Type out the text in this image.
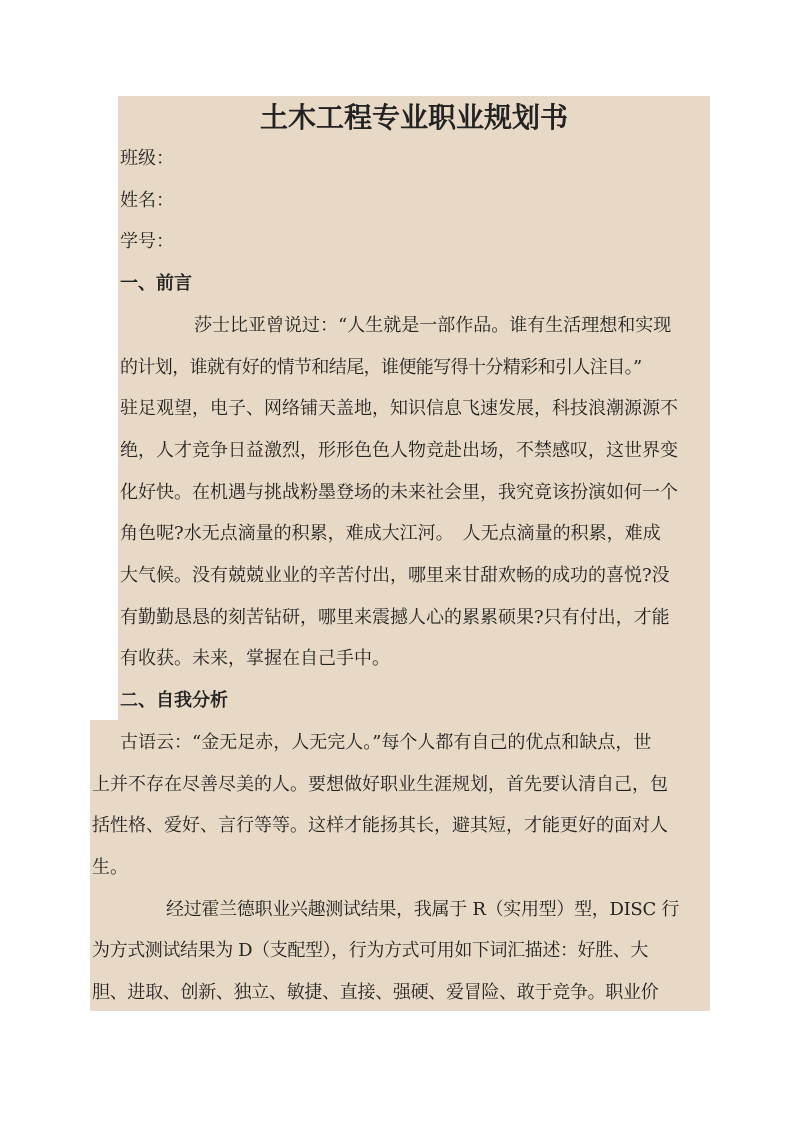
土木工程专业职业规划书

班级：

姓名：

学号：

一、前言

莎士比亚曾说过：“人生就是一部作品。谁有生活理想和实现

的计划，谁就有好的情节和结尾，谁便能写得十分精彩和引人注目。”

驻足观望，电子、网络铺天盖地，知识信息飞速发展，科技浪潮源源不

绝，人才竞争日益激烈，形形色色人物竞赴出场，不禁感叹，这世界变

化好快。在机遇与挑战粉墨登场的未来社会里，我究竟该扮演如何一个

角色呢?水无点滴量的积累，难成大江河。　人无点滴量的积累，难成

大气候。没有兢兢业业的辛苦付出，哪里来甘甜欢畅的成功的喜悦?没

有勤勤恳恳的刻苦钻研，哪里来震撼人心的累累硕果?只有付出，才能

有收获。未来，掌握在自己手中。

二、自我分析

古语云：“金无足赤，人无完人。”每个人都有自己的优点和缺点，世

上并不存在尽善尽美的人。要想做好职业生涯规划，首先要认清自己，包

括性格、爱好、言行等等。这样才能扬其长，避其短，才能更好的面对人

生。

经过霍兰德职业兴趣测试结果，我属于 R（实用型）型，DISC 行

为方式测试结果为 D（支配型），行为方式可用如下词汇描述：好胜、大

胆、进取、创新、独立、敏捷、直接、强硬、爱冒险、敢于竞争。职业价
